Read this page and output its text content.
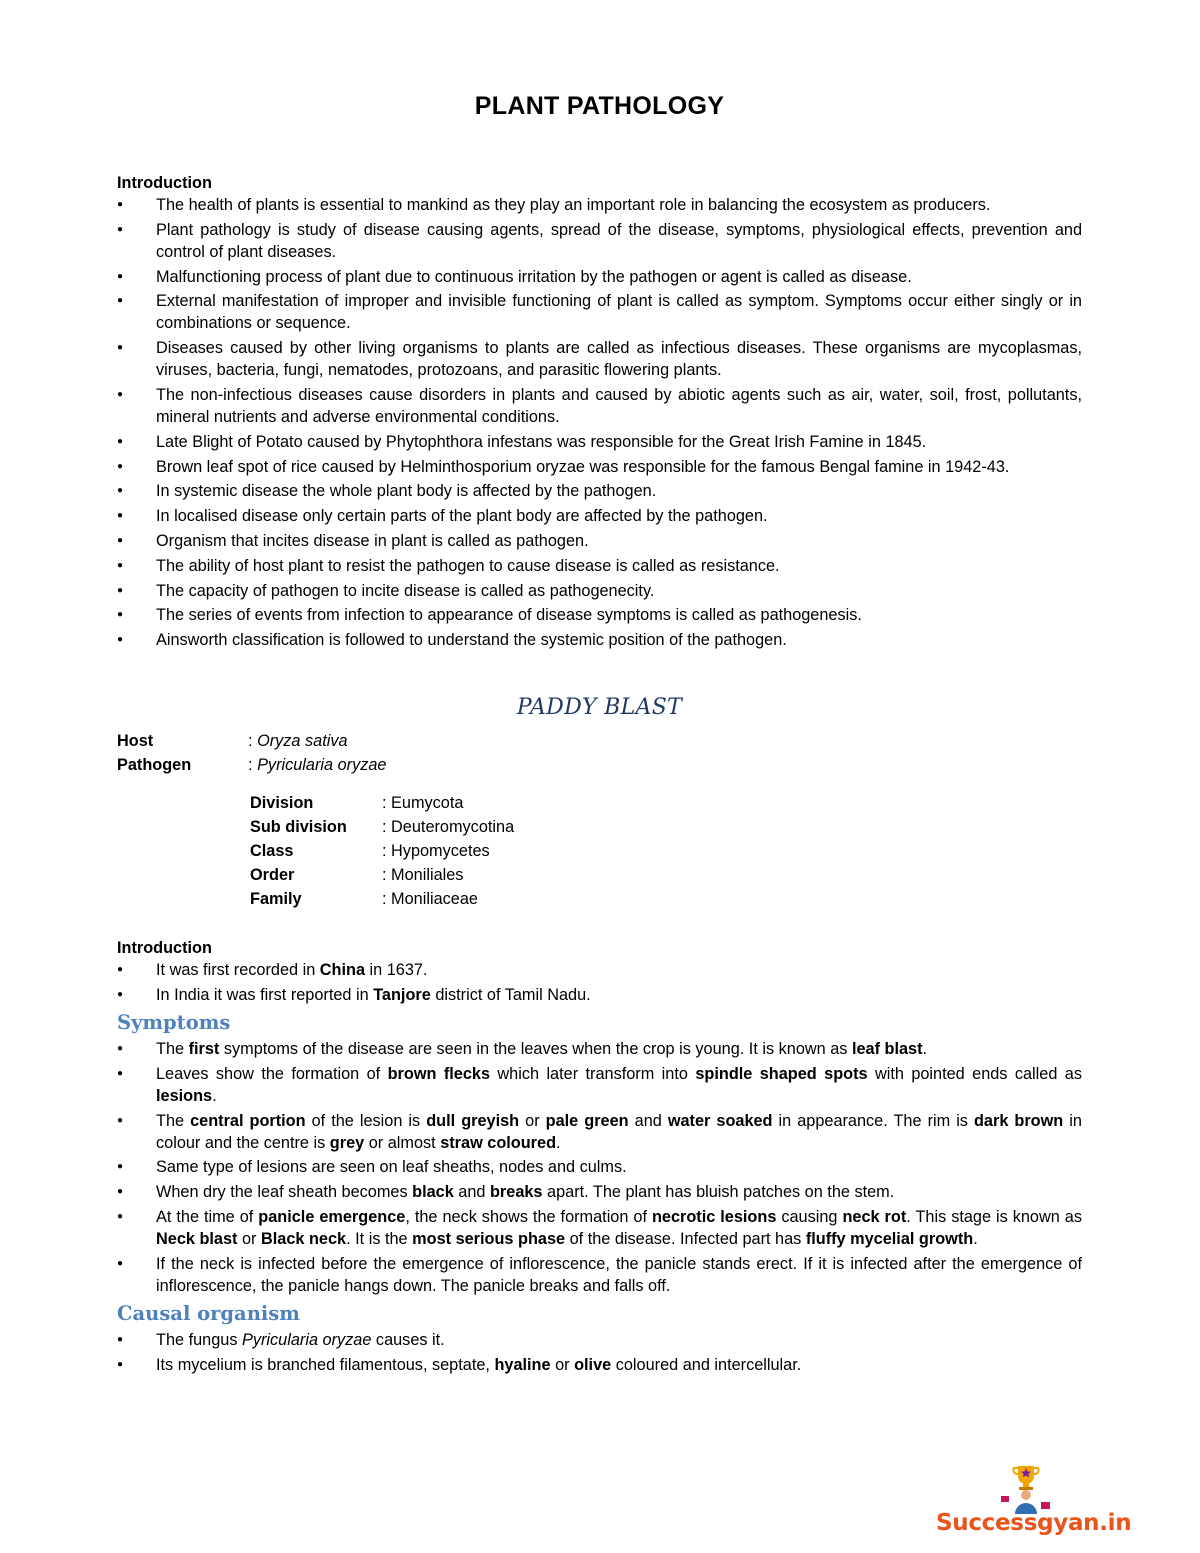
PLANT PATHOLOGY

Introduction

● The health of plants is essential to mankind as they play an important role in balancing the ecosystem as producers.
● Plant pathology is study of disease causing agents, spread of the disease, symptoms, physiological effects, prevention and control of plant diseases.
● Malfunctioning process of plant due to continuous irritation by the pathogen or agent is called as disease.
● External manifestation of improper and invisible functioning of plant is called as symptom. Symptoms occur either singly or in combinations or sequence.
● Diseases caused by other living organisms to plants are called as infectious diseases. These organisms are mycoplasmas, viruses, bacteria, fungi, nematodes, protozoans, and parasitic flowering plants.
● The non-infectious diseases cause disorders in plants and caused by abiotic agents such as air, water, soil, frost, pollutants, mineral nutrients and adverse environmental conditions.
● Late Blight of Potato caused by Phytophthora infestans was responsible for the Great Irish Famine in 1845.
● Brown leaf spot of rice caused by Helminthosporium oryzae was responsible for the famous Bengal famine in 1942-43.
● In systemic disease the whole plant body is affected by the pathogen.
● In localised disease only certain parts of the plant body are affected by the pathogen.
● Organism that incites disease in plant is called as pathogen.
● The ability of host plant to resist the pathogen to cause disease is called as resistance.
● The capacity of pathogen to incite disease is called as pathogenecity.
● The series of events from infection to appearance of disease symptoms is called as pathogenesis.
● Ainsworth classification is followed to understand the systemic position of the pathogen.
PADDY BLAST
Host	: Oryza sativa
Pathogen	: Pyricularia oryzae
Division	: Eumycota
Sub division	: Deuteromycotina
Class	: Hypomycetes
Order	: Moniliales
Family	: Moniliaceae

Introduction

● It was first recorded in China in 1637.
● In India it was first reported in Tanjore district of Tamil Nadu.
Symptoms
● The first symptoms of the disease are seen in the leaves when the crop is young. It is known as leaf blast.
● Leaves show the formation of brown flecks which later transform into spindle shaped spots with pointed ends called as lesions.
● The central portion of the lesion is dull greyish or pale green and water soaked in appearance. The rim is dark brown in colour and the centre is grey or almost straw coloured.
● Same type of lesions are seen on leaf sheaths, nodes and culms.
● When dry the leaf sheath becomes black and breaks apart. The plant has bluish patches on the stem.
● At the time of panicle emergence, the neck shows the formation of necrotic lesions causing neck rot. This stage is known as Neck blast or Black neck. It is the most serious phase of the disease. Infected part has fluffy mycelial growth.
● If the neck is infected before the emergence of inflorescence, the panicle stands erect. If it is infected after the emergence of inflorescence, the panicle hangs down. The panicle breaks and falls off.
Causal organism
● The fungus Pyricularia oryzae causes it.
● Its mycelium is branched filamentous, septate, hyaline or olive coloured and intercellular.
Successgyan.in
